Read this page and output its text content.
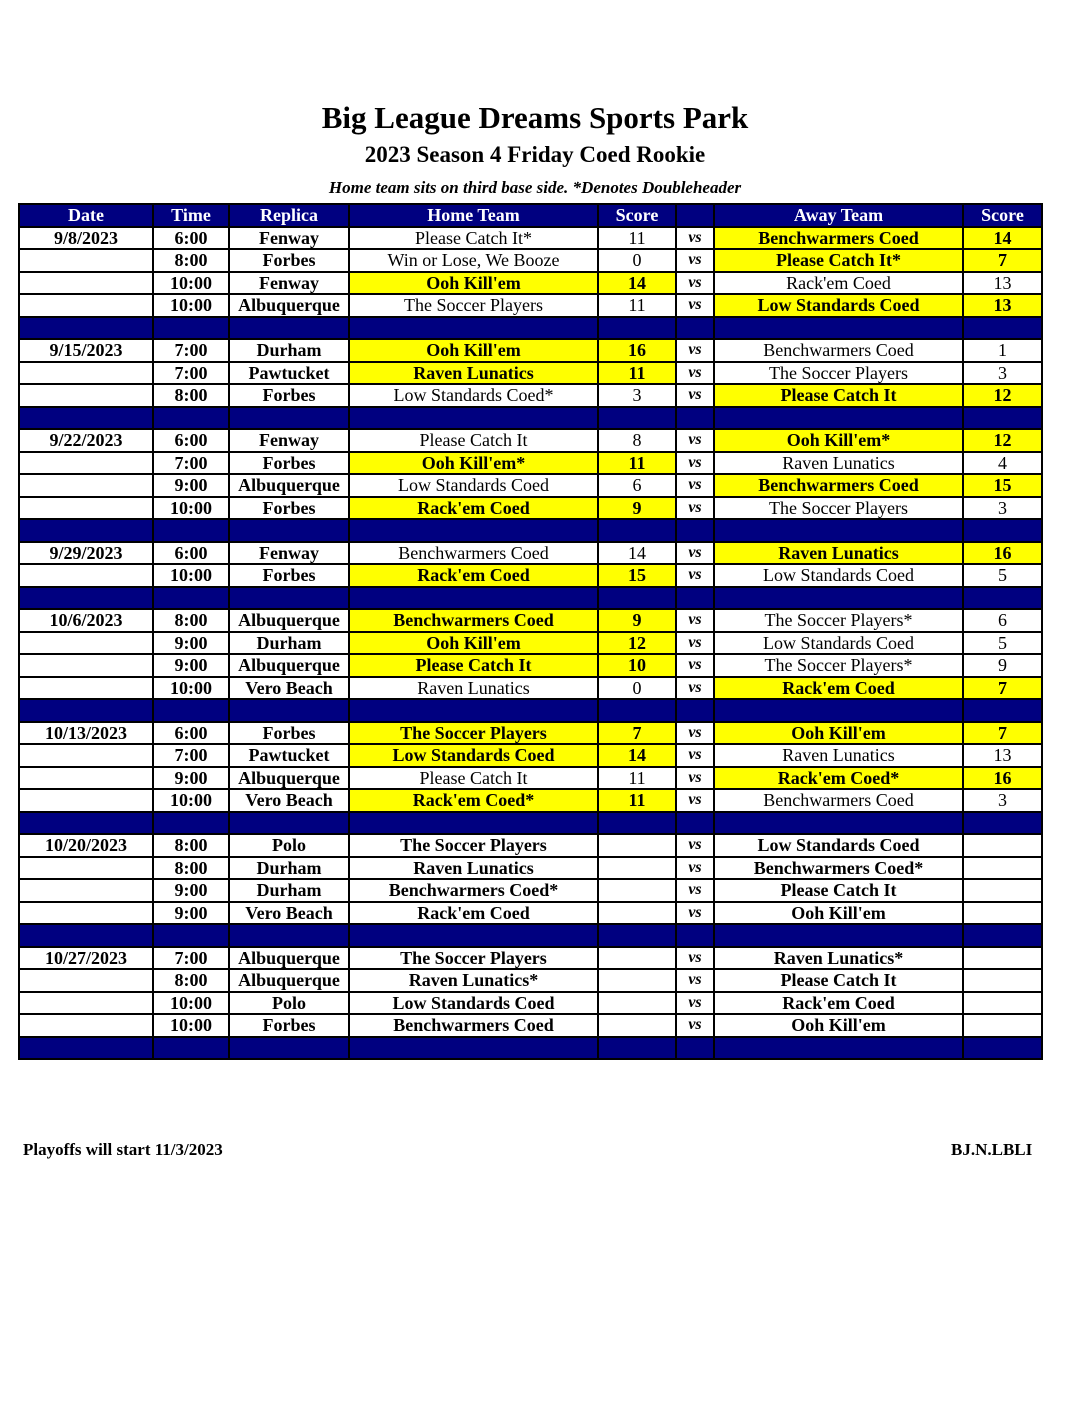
Big League Dreams Sports Park
2023 Season 4 Friday Coed Rookie
Home team sits on third base side. *Denotes Doubleheader
Date	Time	Replica	Home Team	Score		Away Team	Score
9/8/2023	6:00	Fenway	Please Catch It*	11	vs	Benchwarmers Coed	14
	8:00	Forbes	Win or Lose, We Booze	0	vs	Please Catch It*	7
	10:00	Fenway	Ooh Kill'em	14	vs	Rack'em Coed	13
	10:00	Albuquerque	The Soccer Players	11	vs	Low Standards Coed	13

9/15/2023	7:00	Durham	Ooh Kill'em	16	vs	Benchwarmers Coed	1
	7:00	Pawtucket	Raven Lunatics	11	vs	The Soccer Players	3
	8:00	Forbes	Low Standards Coed*	3	vs	Please Catch It	12

9/22/2023	6:00	Fenway	Please Catch It	8	vs	Ooh Kill'em*	12
	7:00	Forbes	Ooh Kill'em*	11	vs	Raven Lunatics	4
	9:00	Albuquerque	Low Standards Coed	6	vs	Benchwarmers Coed	15
	10:00	Forbes	Rack'em Coed	9	vs	The Soccer Players	3

9/29/2023	6:00	Fenway	Benchwarmers Coed	14	vs	Raven Lunatics	16
	10:00	Forbes	Rack'em Coed	15	vs	Low Standards Coed	5

10/6/2023	8:00	Albuquerque	Benchwarmers Coed	9	vs	The Soccer Players*	6
	9:00	Durham	Ooh Kill'em	12	vs	Low Standards Coed	5
	9:00	Albuquerque	Please Catch It	10	vs	The Soccer Players*	9
	10:00	Vero Beach	Raven Lunatics	0	vs	Rack'em Coed	7

10/13/2023	6:00	Forbes	The Soccer Players	7	vs	Ooh Kill'em	7
	7:00	Pawtucket	Low Standards Coed	14	vs	Raven Lunatics	13
	9:00	Albuquerque	Please Catch It	11	vs	Rack'em Coed*	16
	10:00	Vero Beach	Rack'em Coed*	11	vs	Benchwarmers Coed	3

10/20/2023	8:00	Polo	The Soccer Players		vs	Low Standards Coed	
	8:00	Durham	Raven Lunatics		vs	Benchwarmers Coed*	
	9:00	Durham	Benchwarmers Coed*		vs	Please Catch It	
	9:00	Vero Beach	Rack'em Coed		vs	Ooh Kill'em	

10/27/2023	7:00	Albuquerque	The Soccer Players		vs	Raven Lunatics*	
	8:00	Albuquerque	Raven Lunatics*		vs	Please Catch It	
	10:00	Polo	Low Standards Coed		vs	Rack'em Coed	
	10:00	Forbes	Benchwarmers Coed		vs	Ooh Kill'em	

Playoffs will start 11/3/2023	BJ.N.LBLI
